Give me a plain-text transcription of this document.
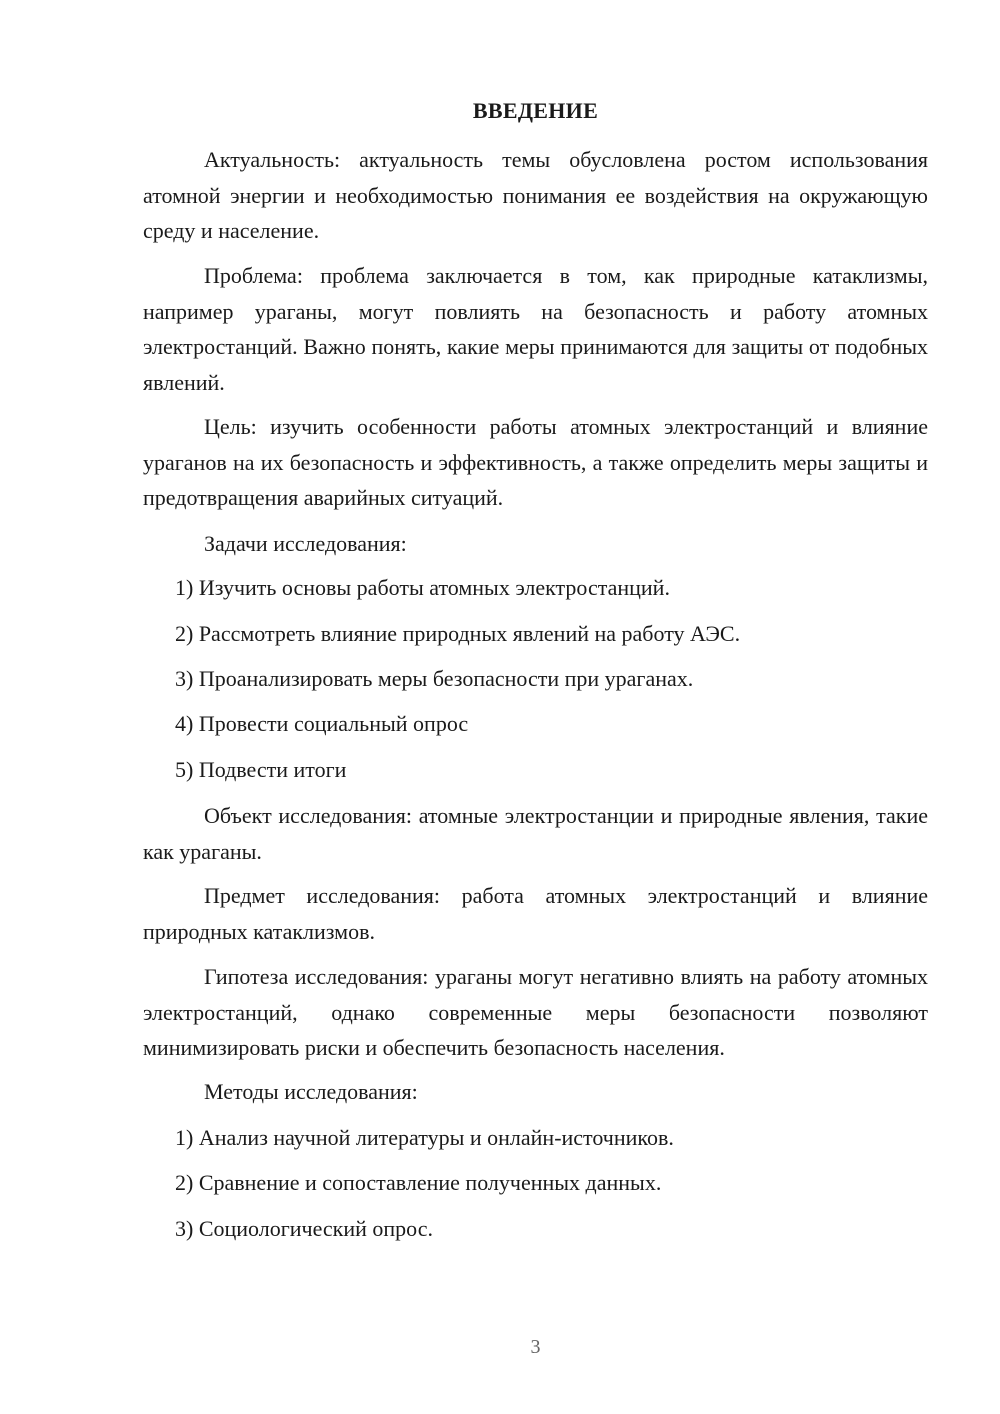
ВВЕДЕНИЕ
Актуальность: актуальность темы обусловлена ростом использования атомной энергии и необходимостью понимания ее воздействия на окружающую среду и население.
Проблема: проблема заключается в том, как природные катаклизмы, например ураганы, могут повлиять на безопасность и работу атомных электростанций. Важно понять, какие меры принимаются для защиты от подобных явлений.
Цель: изучить особенности работы атомных электростанций и влияние ураганов на их безопасность и эффективность, а также определить меры защиты и предотвращения аварийных ситуаций.
Задачи исследования:
1) Изучить основы работы атомных электростанций.
2) Рассмотреть влияние природных явлений на работу АЭС.
3) Проанализировать меры безопасности при ураганах.
4) Провести социальный опрос
5) Подвести итоги
Объект исследования: атомные электростанции и природные явления, такие как ураганы.
Предмет исследования: работа атомных электростанций и влияние природных катаклизмов.
Гипотеза исследования: ураганы могут негативно влиять на работу атомных электростанций, однако современные меры безопасности позволяют минимизировать риски и обеспечить безопасность населения.
Методы исследования:
1) Анализ научной литературы и онлайн-источников.
2) Сравнение и сопоставление полученных данных.
3) Социологический опрос.
3
